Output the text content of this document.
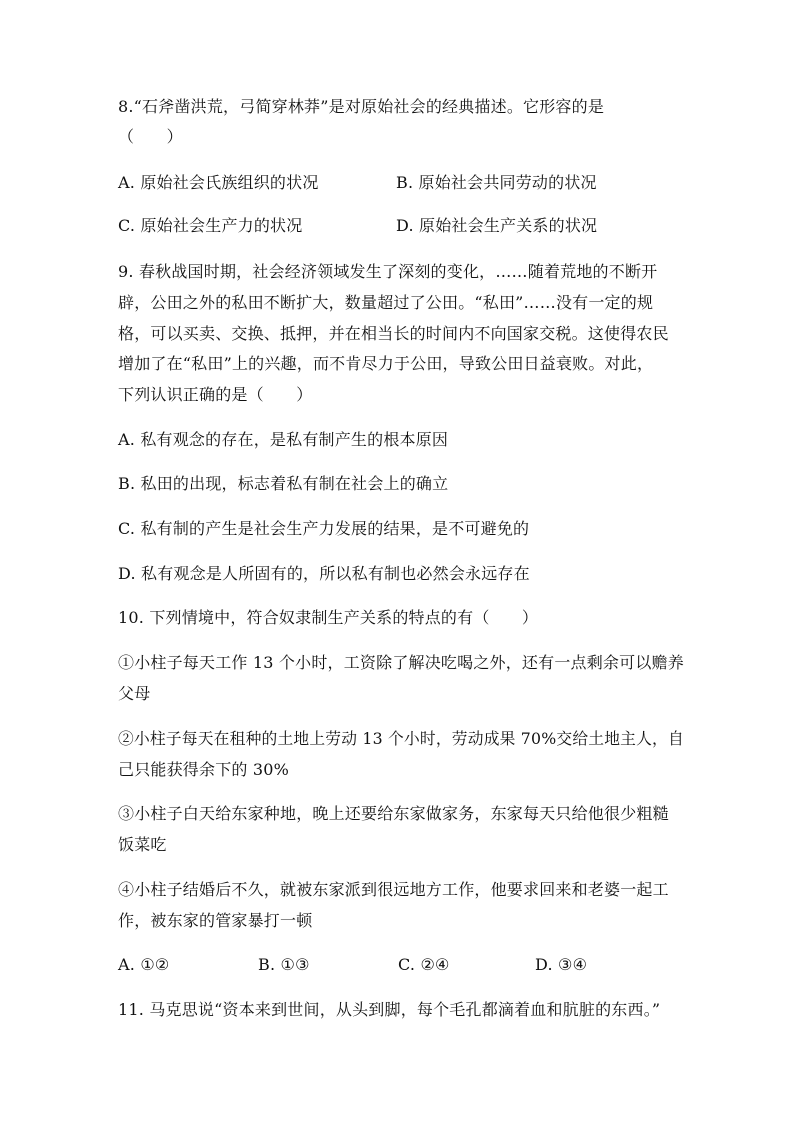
8.“石斧凿洪荒，弓简穿林莽”是对原始社会的经典描述。它形容的是
（　　）
A. 原始社会氏族组织的状况	B. 原始社会共同劳动的状况
C. 原始社会生产力的状况	D. 原始社会生产关系的状况
9. 春秋战国时期，社会经济领域发生了深刻的变化，……随着荒地的不断开
辟，公田之外的私田不断扩大，数量超过了公田。“私田”……没有一定的规
格，可以买卖、交换、抵押，并在相当长的时间内不向国家交税。这使得农民
增加了在“私田”上的兴趣，而不肯尽力于公田，导致公田日益衰败。对此，
下列认识正确的是（　　）
A. 私有观念的存在，是私有制产生的根本原因
B. 私田的出现，标志着私有制在社会上的确立
C. 私有制的产生是社会生产力发展的结果，是不可避免的
D. 私有观念是人所固有的，所以私有制也必然会永远存在
10. 下列情境中，符合奴隶制生产关系的特点的有（　　）
①小柱子每天工作 13 个小时，工资除了解决吃喝之外，还有一点剩余可以赡养
父母
②小柱子每天在租种的土地上劳动 13 个小时，劳动成果 70%交给土地主人，自
己只能获得余下的 30%
③小柱子白天给东家种地，晚上还要给东家做家务，东家每天只给他很少粗糙
饭菜吃
④小柱子结婚后不久，就被东家派到很远地方工作，他要求回来和老婆一起工
作，被东家的管家暴打一顿
A. ①②	B. ①③	C. ②④	D. ③④
11. 马克思说“资本来到世间，从头到脚，每个毛孔都滴着血和肮脏的东西。”
